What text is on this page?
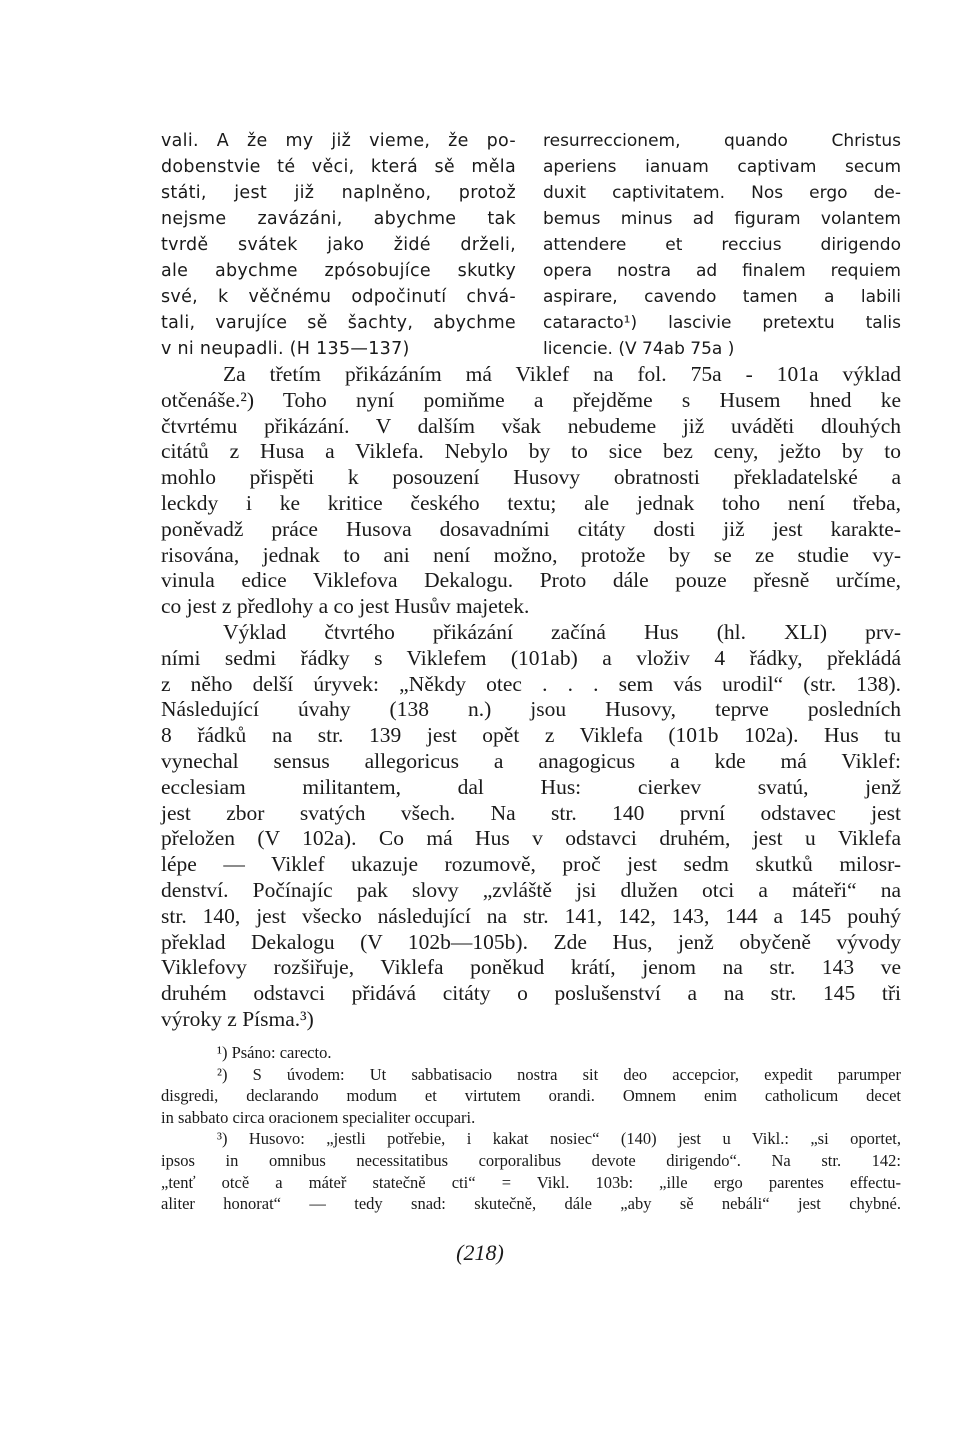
vali. A že my již vieme, že po-
dobenstvie té věci, která sě měla
státi, jest již naplněno, protož
nejsme zavázáni, abychme tak
tvrdě svátek jako židé drželi,
ale abychme zpósobujíce skutky
své, k věčnému odpočinutí chvá-
tali, varujíce sě šachty, abychme
v ni neupadli. (H 135—137)
resurreccionem, quando Christus
aperiens ianuam captivam secum
duxit captivitatem. Nos ergo de-
bemus minus ad figuram volantem
attendere et reccius dirigendo
opera nostra ad finalem requiem
aspirare, cavendo tamen a labili
cataracto¹) lascivie pretextu talis
licencie. (V 74ab 75a )
Za třetím přikázáním má Viklef na fol. 75a - 101a výklad
otčenáše.²) Toho nyní pomiňme a přejděme s Husem hned ke
čtvrtému přikázání. V dalším však nebudeme již uváděti dlouhých
citátů z Husa a Viklefa. Nebylo by to sice bez ceny, ježto by to
mohlo přispěti k posouzení Husovy obratnosti překladatelské a
leckdy i ke kritice českého textu; ale jednak toho není třeba,
poněvadž práce Husova dosavadními citáty dosti již jest karakte-
risována, jednak to ani není možno, protože by se ze studie vy-
vinula edice Viklefova Dekalogu. Proto dále pouze přesně určíme,
co jest z předlohy a co jest Husův majetek.
Výklad čtvrtého přikázání začíná Hus (hl. XLI) prv-
ními sedmi řádky s Viklefem (101ab) a vloživ 4 řádky, překládá
z něho delší úryvek: „Někdy otec . . . sem vás urodil“ (str. 138).
Následující úvahy (138 n.) jsou Husovy, teprve posledních
8 řádků na str. 139 jest opět z Viklefa (101b 102a). Hus tu
vynechal sensus allegoricus a anagogicus a kde má Viklef:
ecclesiam militantem, dal Hus: cierkev svatú, jenž
jest zbor svatých všech. Na str. 140 první odstavec jest
přeložen (V 102a). Co má Hus v odstavci druhém, jest u Viklefa
lépe — Viklef ukazuje rozumově, proč jest sedm skutků milosr-
denství. Počínajíc pak slovy „zvláště jsi dlužen otci a máteři“ na
str. 140, jest všecko následující na str. 141, 142, 143, 144 a 145 pouhý
překlad Dekalogu (V 102b—105b). Zde Hus, jenž obyčeně vývody
Viklefovy rozšiřuje, Viklefa poněkud krátí, jenom na str. 143 ve
druhém odstavci přidává citáty o poslušenství a na str. 145 tři
výroky z Písma.³)
¹) Psáno: carecto.
²) S úvodem: Ut sabbatisacio nostra sit deo accepcior, expedit parumper
disgredi, declarando modum et virtutem orandi. Omnem enim catholicum decet
in sabbato circa oracionem specialiter occupari.
³) Husovo: „jestli potřebie, i kakat nosiec“ (140) jest u Vikl.: „si oportet,
ipsos in omnibus necessitatibus corporalibus devote dirigendo“. Na str. 142:
„tenť otcě a máteř statečně cti“ = Vikl. 103b: „ille ergo parentes effectu-
aliter honorat“ — tedy snad: skutečně, dále „aby sě nebáli“ jest chybné.
(218)
